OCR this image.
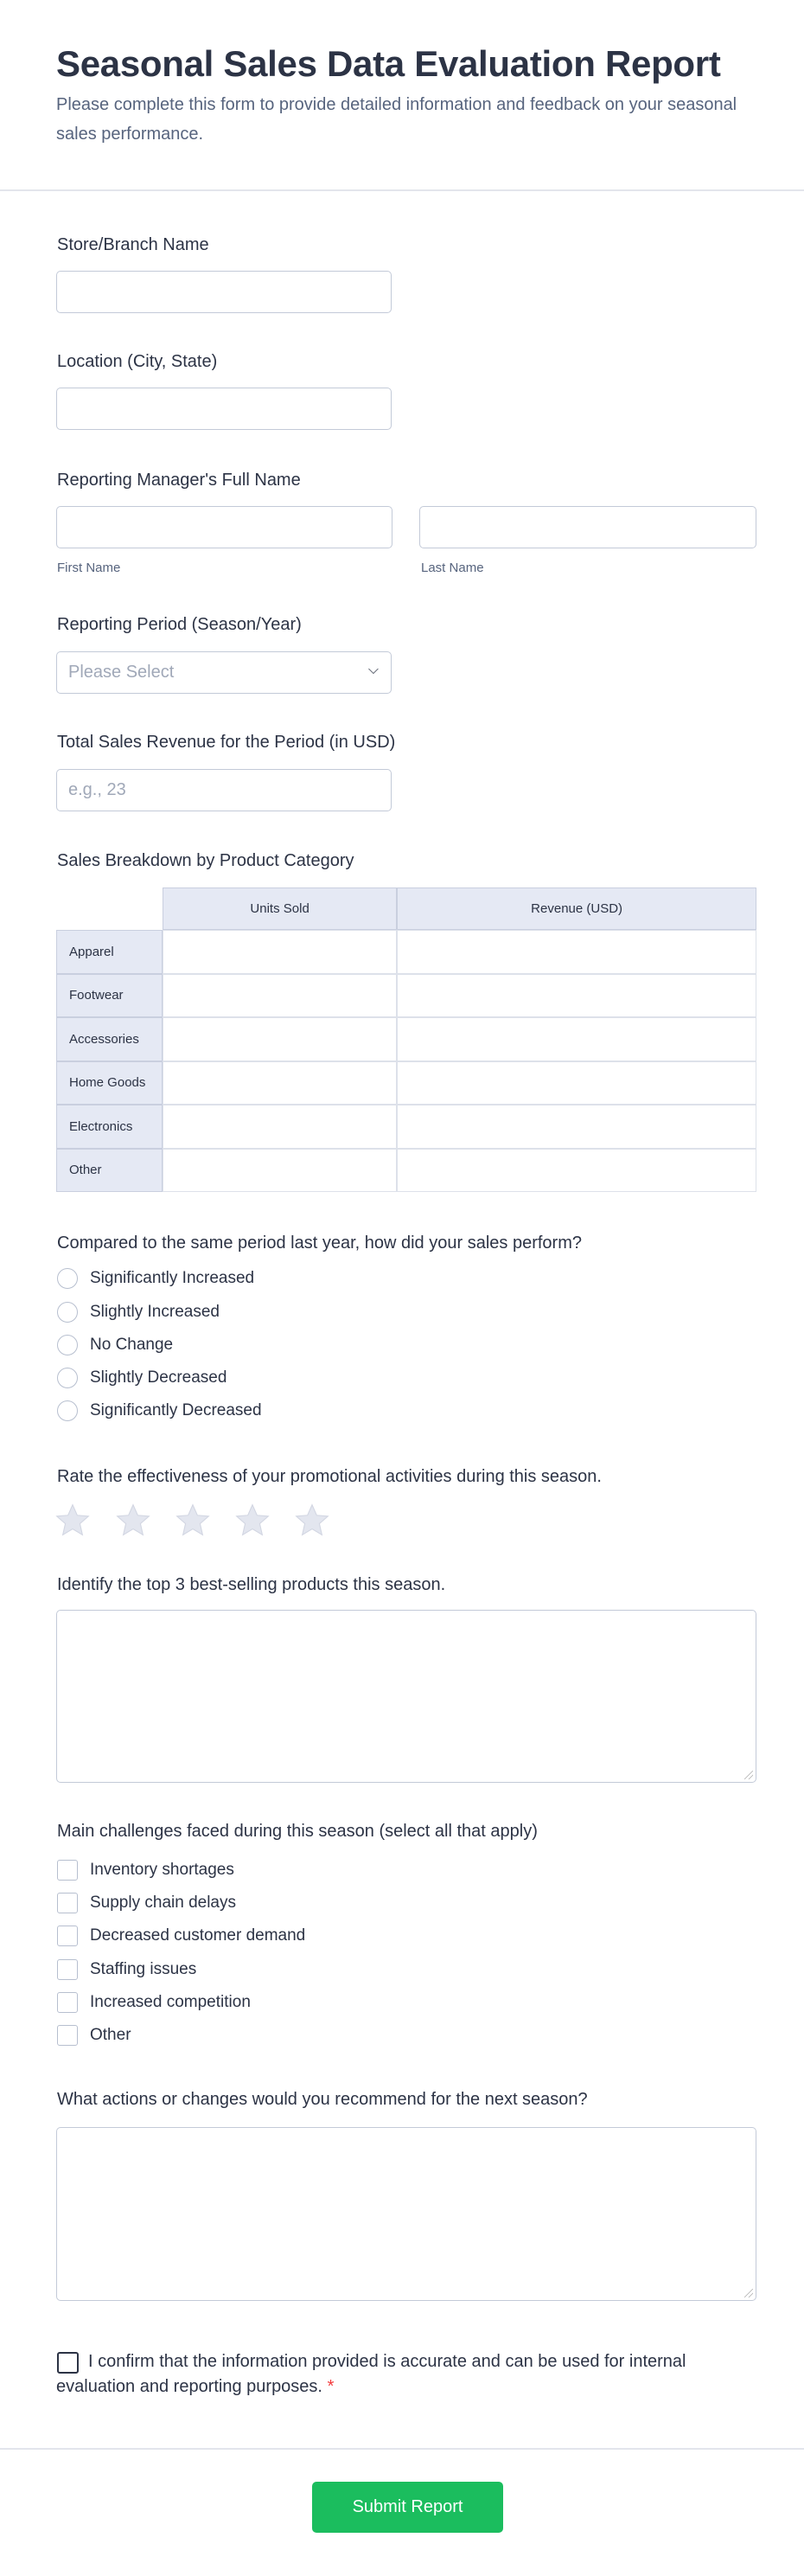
Seasonal Sales Data Evaluation Report
Please complete this form to provide detailed information and feedback on your seasonal sales performance.
Store/Branch Name
Location (City, State)
Reporting Manager's Full Name
First Name	Last Name
Reporting Period (Season/Year)
Please Select	⌵
Total Sales Revenue for the Period (in USD)
e.g., 23
Sales Breakdown by Product Category
	Units Sold	Revenue (USD)
Apparel		
Footwear		
Accessories		
Home Goods		
Electronics		
Other		
Compared to the same period last year, how did your sales perform?
Significantly Increased
Slightly Increased
No Change
Slightly Decreased
Significantly Decreased
Rate the effectiveness of your promotional activities during this season.
Identify the top 3 best-selling products this season.
Main challenges faced during this season (select all that apply)
Inventory shortages
Supply chain delays
Decreased customer demand
Staffing issues
Increased competition
Other
What actions or changes would you recommend for the next season?
I confirm that the information provided is accurate and can be used for internal evaluation and reporting purposes. *
Submit Report
